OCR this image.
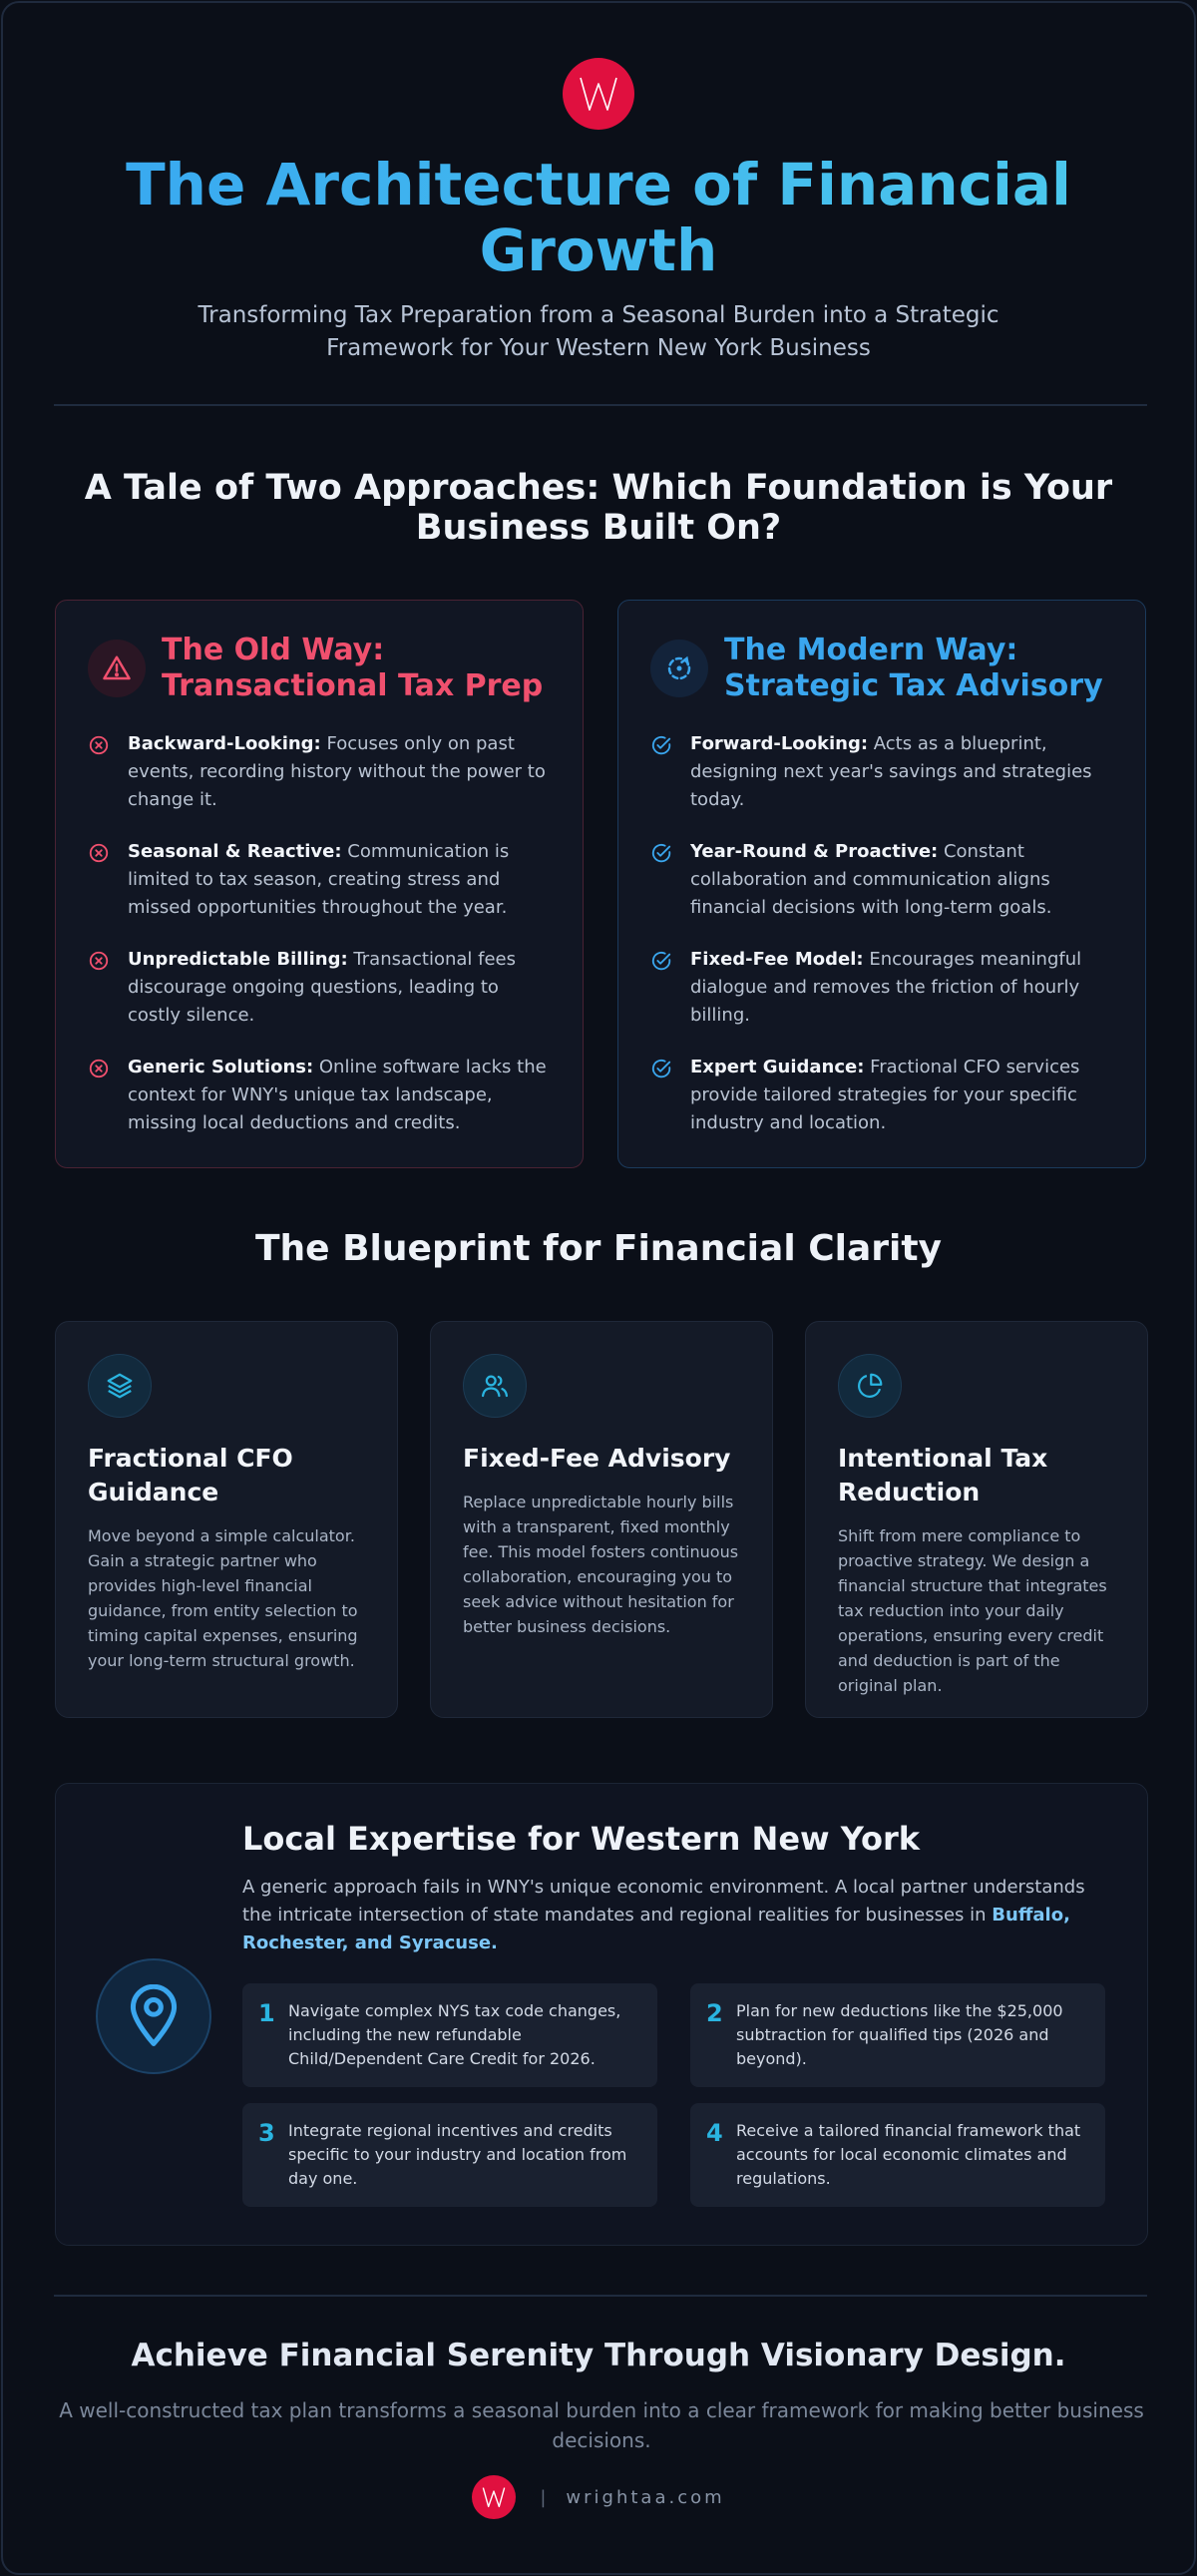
The Architecture of Financial Growth
Transforming Tax Preparation from a Seasonal Burden into a Strategic Framework for Your Western New York Business
A Tale of Two Approaches: Which Foundation is Your Business Built On?
The Old Way: Transactional Tax Prep
Backward-Looking: Focuses only on past events, recording history without the power to change it.
Seasonal & Reactive: Communication is limited to tax season, creating stress and missed opportunities throughout the year.
Unpredictable Billing: Transactional fees discourage ongoing questions, leading to costly silence.
Generic Solutions: Online software lacks the context for WNY's unique tax landscape, missing local deductions and credits.
The Modern Way: Strategic Tax Advisory
Forward-Looking: Acts as a blueprint, designing next year's savings and strategies today.
Year-Round & Proactive: Constant collaboration and communication aligns financial decisions with long-term goals.
Fixed-Fee Model: Encourages meaningful dialogue and removes the friction of hourly billing.
Expert Guidance: Fractional CFO services provide tailored strategies for your specific industry and location.
The Blueprint for Financial Clarity
Fractional CFO Guidance
Move beyond a simple calculator. Gain a strategic partner who provides high-level financial guidance, from entity selection to timing capital expenses, ensuring your long-term structural growth.
Fixed-Fee Advisory
Replace unpredictable hourly bills with a transparent, fixed monthly fee. This model fosters continuous collaboration, encouraging you to seek advice without hesitation for better business decisions.
Intentional Tax Reduction
Shift from mere compliance to proactive strategy. We design a financial structure that integrates tax reduction into your daily operations, ensuring every credit and deduction is part of the original plan.
Local Expertise for Western New York
A generic approach fails in WNY's unique economic environment. A local partner understands the intricate intersection of state mandates and regional realities for businesses in Buffalo, Rochester, and Syracuse.
1 Navigate complex NYS tax code changes, including the new refundable Child/Dependent Care Credit for 2026.
2 Plan for new deductions like the $25,000 subtraction for qualified tips (2026 and beyond).
3 Integrate regional incentives and credits specific to your industry and location from day one.
4 Receive a tailored financial framework that accounts for local economic climates and regulations.
Achieve Financial Serenity Through Visionary Design.
A well-constructed tax plan transforms a seasonal burden into a clear framework for making better business decisions.
| wrightaa.com
